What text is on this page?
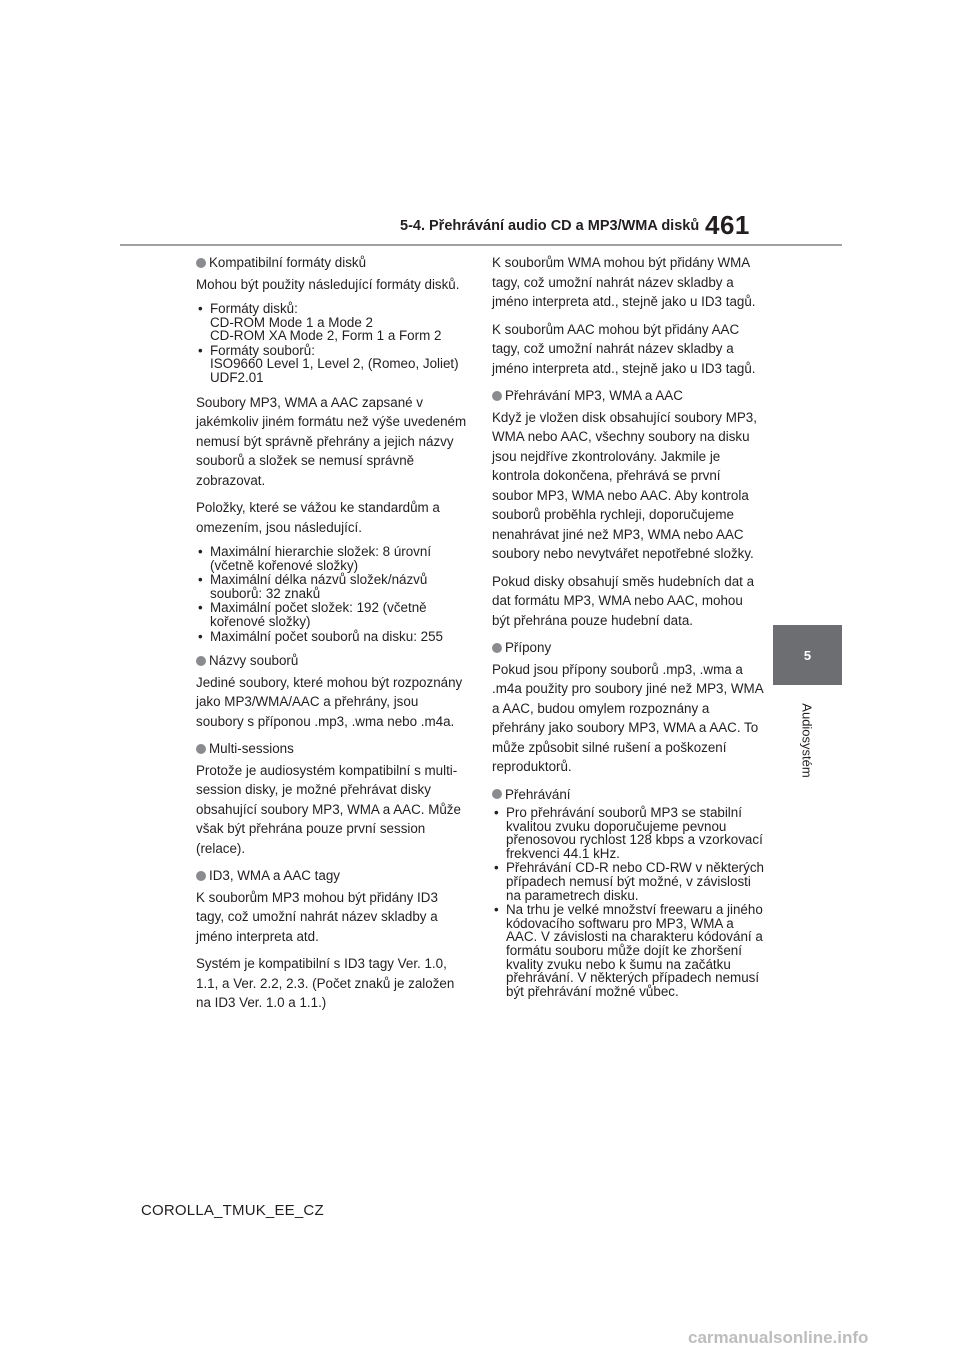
5-4. Přehrávání audio CD a MP3/WMA disků 461
5
Audiosystém
Kompatibilní formáty disků

Mohou být použity následující formáty disků.

• Formáty disků:
CD-ROM Mode 1 a Mode 2
CD-ROM XA Mode 2, Form 1 a Form 2
• Formáty souborů:
ISO9660 Level 1, Level 2, (Romeo, Joliet)
UDF2.01

Soubory MP3, WMA a AAC zapsané v jakémkoliv jiném formátu než výše uvedeném nemusí být správně přehrány a jejich názvy souborů a složek se nemusí správně zobrazovat.

Položky, které se vážou ke standardům a omezením, jsou následující.

• Maximální hierarchie složek: 8 úrovní (včetně kořenové složky)
• Maximální délka názvů složek/názvů souborů: 32 znaků
• Maximální počet složek: 192 (včetně kořenové složky)
• Maximální počet souborů na disku: 255
Názvy souborů

Jediné soubory, které mohou být rozpoznány jako MP3/WMA/AAC a přehrány, jsou soubory s příponou .mp3, .wma nebo .m4a.

Multi-sessions

Protože je audiosystém kompatibilní s multi-session disky, je možné přehrávat disky obsahující soubory MP3, WMA a AAC. Může však být přehrána pouze první session (relace).

ID3, WMA a AAC tagy

K souborům MP3 mohou být přidány ID3 tagy, což umožní nahrát název skladby a jméno interpreta atd.

Systém je kompatibilní s ID3 tagy Ver. 1.0, 1.1, a Ver. 2.2, 2.3. (Počet znaků je založen na ID3 Ver. 1.0 a 1.1.)

K souborům WMA mohou být přidány WMA tagy, což umožní nahrát název skladby a jméno interpreta atd., stejně jako u ID3 tagů.

K souborům AAC mohou být přidány AAC tagy, což umožní nahrát název skladby a jméno interpreta atd., stejně jako u ID3 tagů.

Přehrávání MP3, WMA a AAC

Když je vložen disk obsahující soubory MP3, WMA nebo AAC, všechny soubory na disku jsou nejdříve zkontrolovány. Jakmile je kontrola dokončena, přehrává se první soubor MP3, WMA nebo AAC. Aby kontrola souborů proběhla rychleji, doporučujeme nenahrávat jiné než MP3, WMA nebo AAC soubory nebo nevytvářet nepotřebné složky.

Pokud disky obsahují směs hudebních dat a dat formátu MP3, WMA nebo AAC, mohou být přehrána pouze hudební data.

Přípony

Pokud jsou přípony souborů .mp3, .wma a .m4a použity pro soubory jiné než MP3, WMA a AAC, budou omylem rozpoznány a přehrány jako soubory MP3, WMA a AAC. To může způsobit silné rušení a poškození reproduktorů.

Přehrávání
• Pro přehrávání souborů MP3 se stabilní kvalitou zvuku doporučujeme pevnou přenosovou rychlost 128 kbps a vzorkovací frekvenci 44.1 kHz.
• Přehrávání CD-R nebo CD-RW v některých případech nemusí být možné, v závislosti na parametrech disku.
• Na trhu je velké množství freewaru a jiného kódovacího softwaru pro MP3, WMA a AAC. V závislosti na charakteru kódování a formátu souboru může dojít ke zhoršení kvality zvuku nebo k šumu na začátku přehrávání. V některých případech nemusí být přehrávání možné vůbec.
COROLLA_TMUK_EE_CZ
carmanualsonline.info
